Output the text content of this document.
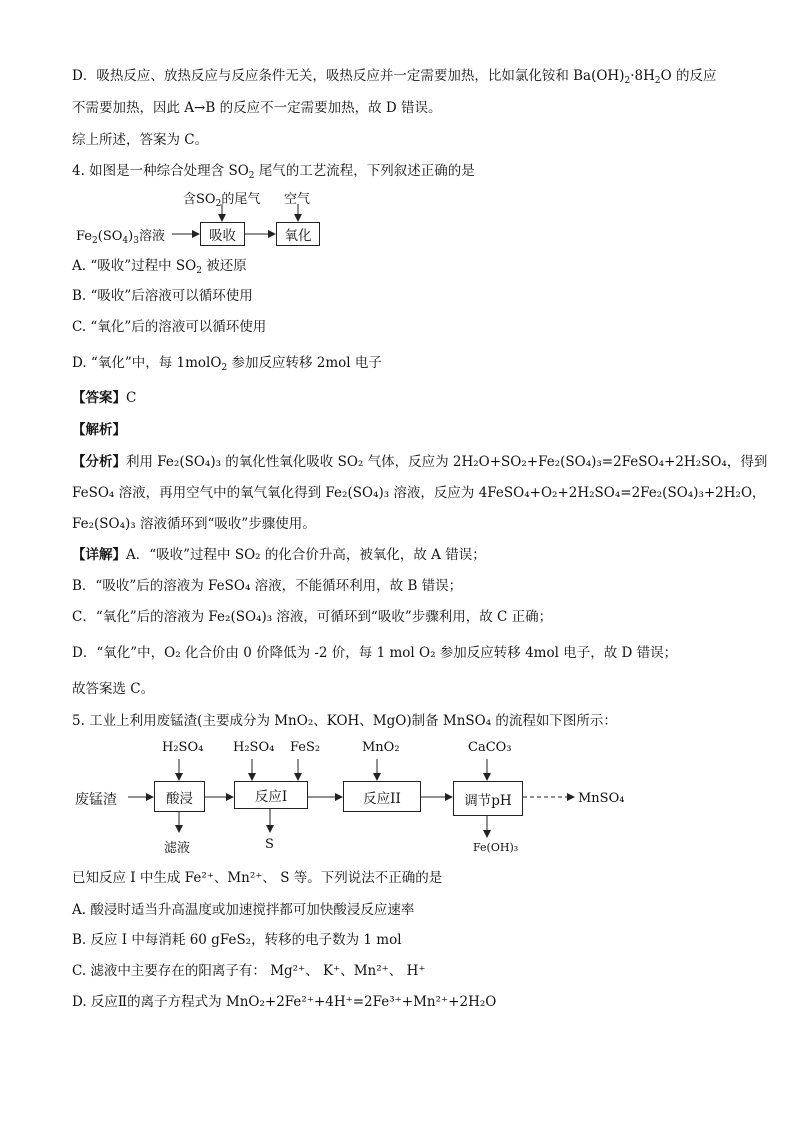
D．吸热反应、放热反应与反应条件无关，吸热反应并一定需要加热，比如氯化铵和 $Ba(OH)_2\cdot 8H_2O$ 的反应
不需要加热，因此 A→B 的反应不一定需要加热，故 D 错误。
综上所述，答案为 C。
4. 如图是一种综合处理含 $SO_2$ 尾气的工艺流程，下列叙述正确的是
含$SO_2$的尾气 空气
$Fe_2(SO_4)_3$溶液	吸收	氧化
A. “吸收”过程中 $SO_2$ 被还原
B. “吸收”后溶液可以循环使用
C. “氧化”后的溶液可以循环使用
D. “氧化”中，每 1molO$_2$ 参加反应转移 2mol 电子
【答案】C
【解析】
【分析】利用 Fe₂(SO₄)₃ 的氧化性氧化吸收 SO₂ 气体，反应为 2H₂O+SO₂+Fe₂(SO₄)₃=2FeSO₄+2H₂SO₄，得到
FeSO₄ 溶液，再用空气中的氧气氧化得到 Fe₂(SO₄)₃ 溶液，反应为 4FeSO₄+O₂+2H₂SO₄=2Fe₂(SO₄)₃+2H₂O，
Fe₂(SO₄)₃ 溶液循环到“吸收”步骤使用。
【详解】A．“吸收”过程中 SO₂ 的化合价升高，被氧化，故 A 错误；
B．“吸收”后的溶液为 FeSO₄ 溶液，不能循环利用，故 B 错误；
C．“氧化”后的溶液为 Fe₂(SO₄)₃ 溶液，可循环到“吸收”步骤利用，故 C 正确；
D．“氧化”中，O₂ 化合价由 0 价降低为 -2 价，每 1 mol O₂ 参加反应转移 4mol 电子，故 D 错误；
故答案选 C。
5. 工业上利用废锰渣(主要成分为 MnO₂、KOH、MgO)制备 MnSO₄ 的流程如下图所示：
H₂SO₄ H₂SO₄ FeS₂	MnO₂	CaCO₃
废锰渣	酸浸	反应I	反应II	调节pH	MnSO₄
滤液	S	Fe(OH)₃
已知反应 I 中生成 Fe²⁺、Mn²⁺、 S 等。下列说法不正确的是
A. 酸浸时适当升高温度或加速搅拌都可加快酸浸反应速率
B. 反应 I 中每消耗 60 gFeS₂，转移的电子数为 1 mol
C. 滤液中主要存在的阳离子有： Mg²⁺、 K⁺、Mn²⁺、 H⁺
D. 反应Ⅱ的离子方程式为 MnO₂+2Fe²⁺+4H⁺=2Fe³⁺+Mn²⁺+2H₂O
